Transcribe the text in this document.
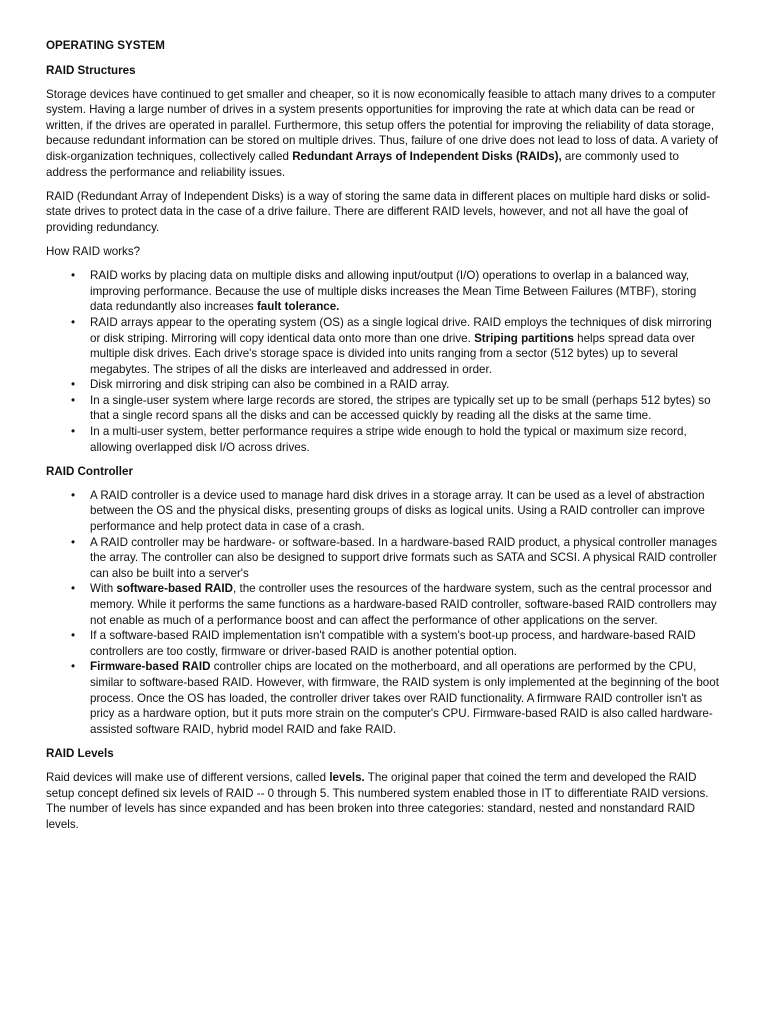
OPERATING SYSTEM

RAID Structures

Storage devices have continued to get smaller and cheaper, so it is now economically feasible to attach many drives to a computer system. Having a large number of drives in a system presents opportunities for improving the rate at which data can be read or written, if the drives are operated in parallel. Furthermore, this setup offers the potential for improving the reliability of data storage, because redundant information can be stored on multiple drives. Thus, failure of one drive does not lead to loss of data. A variety of disk-organization techniques, collectively called Redundant Arrays of Independent Disks (RAIDs), are commonly used to address the performance and reliability issues.

RAID (Redundant Array of Independent Disks) is a way of storing the same data in different places on multiple hard disks or solid-state drives to protect data in the case of a drive failure. There are different RAID levels, however, and not all have the goal of providing redundancy.

How RAID works?

• RAID works by placing data on multiple disks and allowing input/output (I/O) operations to overlap in a balanced way, improving performance. Because the use of multiple disks increases the Mean Time Between Failures (MTBF), storing data redundantly also increases fault tolerance.
• RAID arrays appear to the operating system (OS) as a single logical drive. RAID employs the techniques of disk mirroring or disk striping. Mirroring will copy identical data onto more than one drive. Striping partitions helps spread data over multiple disk drives. Each drive's storage space is divided into units ranging from a sector (512 bytes) up to several megabytes. The stripes of all the disks are interleaved and addressed in order.
• Disk mirroring and disk striping can also be combined in a RAID array.
• In a single-user system where large records are stored, the stripes are typically set up to be small (perhaps 512 bytes) so that a single record spans all the disks and can be accessed quickly by reading all the disks at the same time.
• In a multi-user system, better performance requires a stripe wide enough to hold the typical or maximum size record, allowing overlapped disk I/O across drives.

RAID Controller

• A RAID controller is a device used to manage hard disk drives in a storage array. It can be used as a level of abstraction between the OS and the physical disks, presenting groups of disks as logical units. Using a RAID controller can improve performance and help protect data in case of a crash.
• A RAID controller may be hardware- or software-based. In a hardware-based RAID product, a physical controller manages the array. The controller can also be designed to support drive formats such as SATA and SCSI. A physical RAID controller can also be built into a server's
• With software-based RAID, the controller uses the resources of the hardware system, such as the central processor and memory. While it performs the same functions as a hardware-based RAID controller, software-based RAID controllers may not enable as much of a performance boost and can affect the performance of other applications on the server.
• If a software-based RAID implementation isn't compatible with a system's boot-up process, and hardware-based RAID controllers are too costly, firmware or driver-based RAID is another potential option.
• Firmware-based RAID controller chips are located on the motherboard, and all operations are performed by the CPU, similar to software-based RAID. However, with firmware, the RAID system is only implemented at the beginning of the boot process. Once the OS has loaded, the controller driver takes over RAID functionality. A firmware RAID controller isn't as pricy as a hardware option, but it puts more strain on the computer's CPU. Firmware-based RAID is also called hardware-assisted software RAID, hybrid model RAID and fake RAID.

RAID Levels

Raid devices will make use of different versions, called levels. The original paper that coined the term and developed the RAID setup concept defined six levels of RAID -- 0 through 5. This numbered system enabled those in IT to differentiate RAID versions. The number of levels has since expanded and has been broken into three categories: standard, nested and nonstandard RAID levels.
